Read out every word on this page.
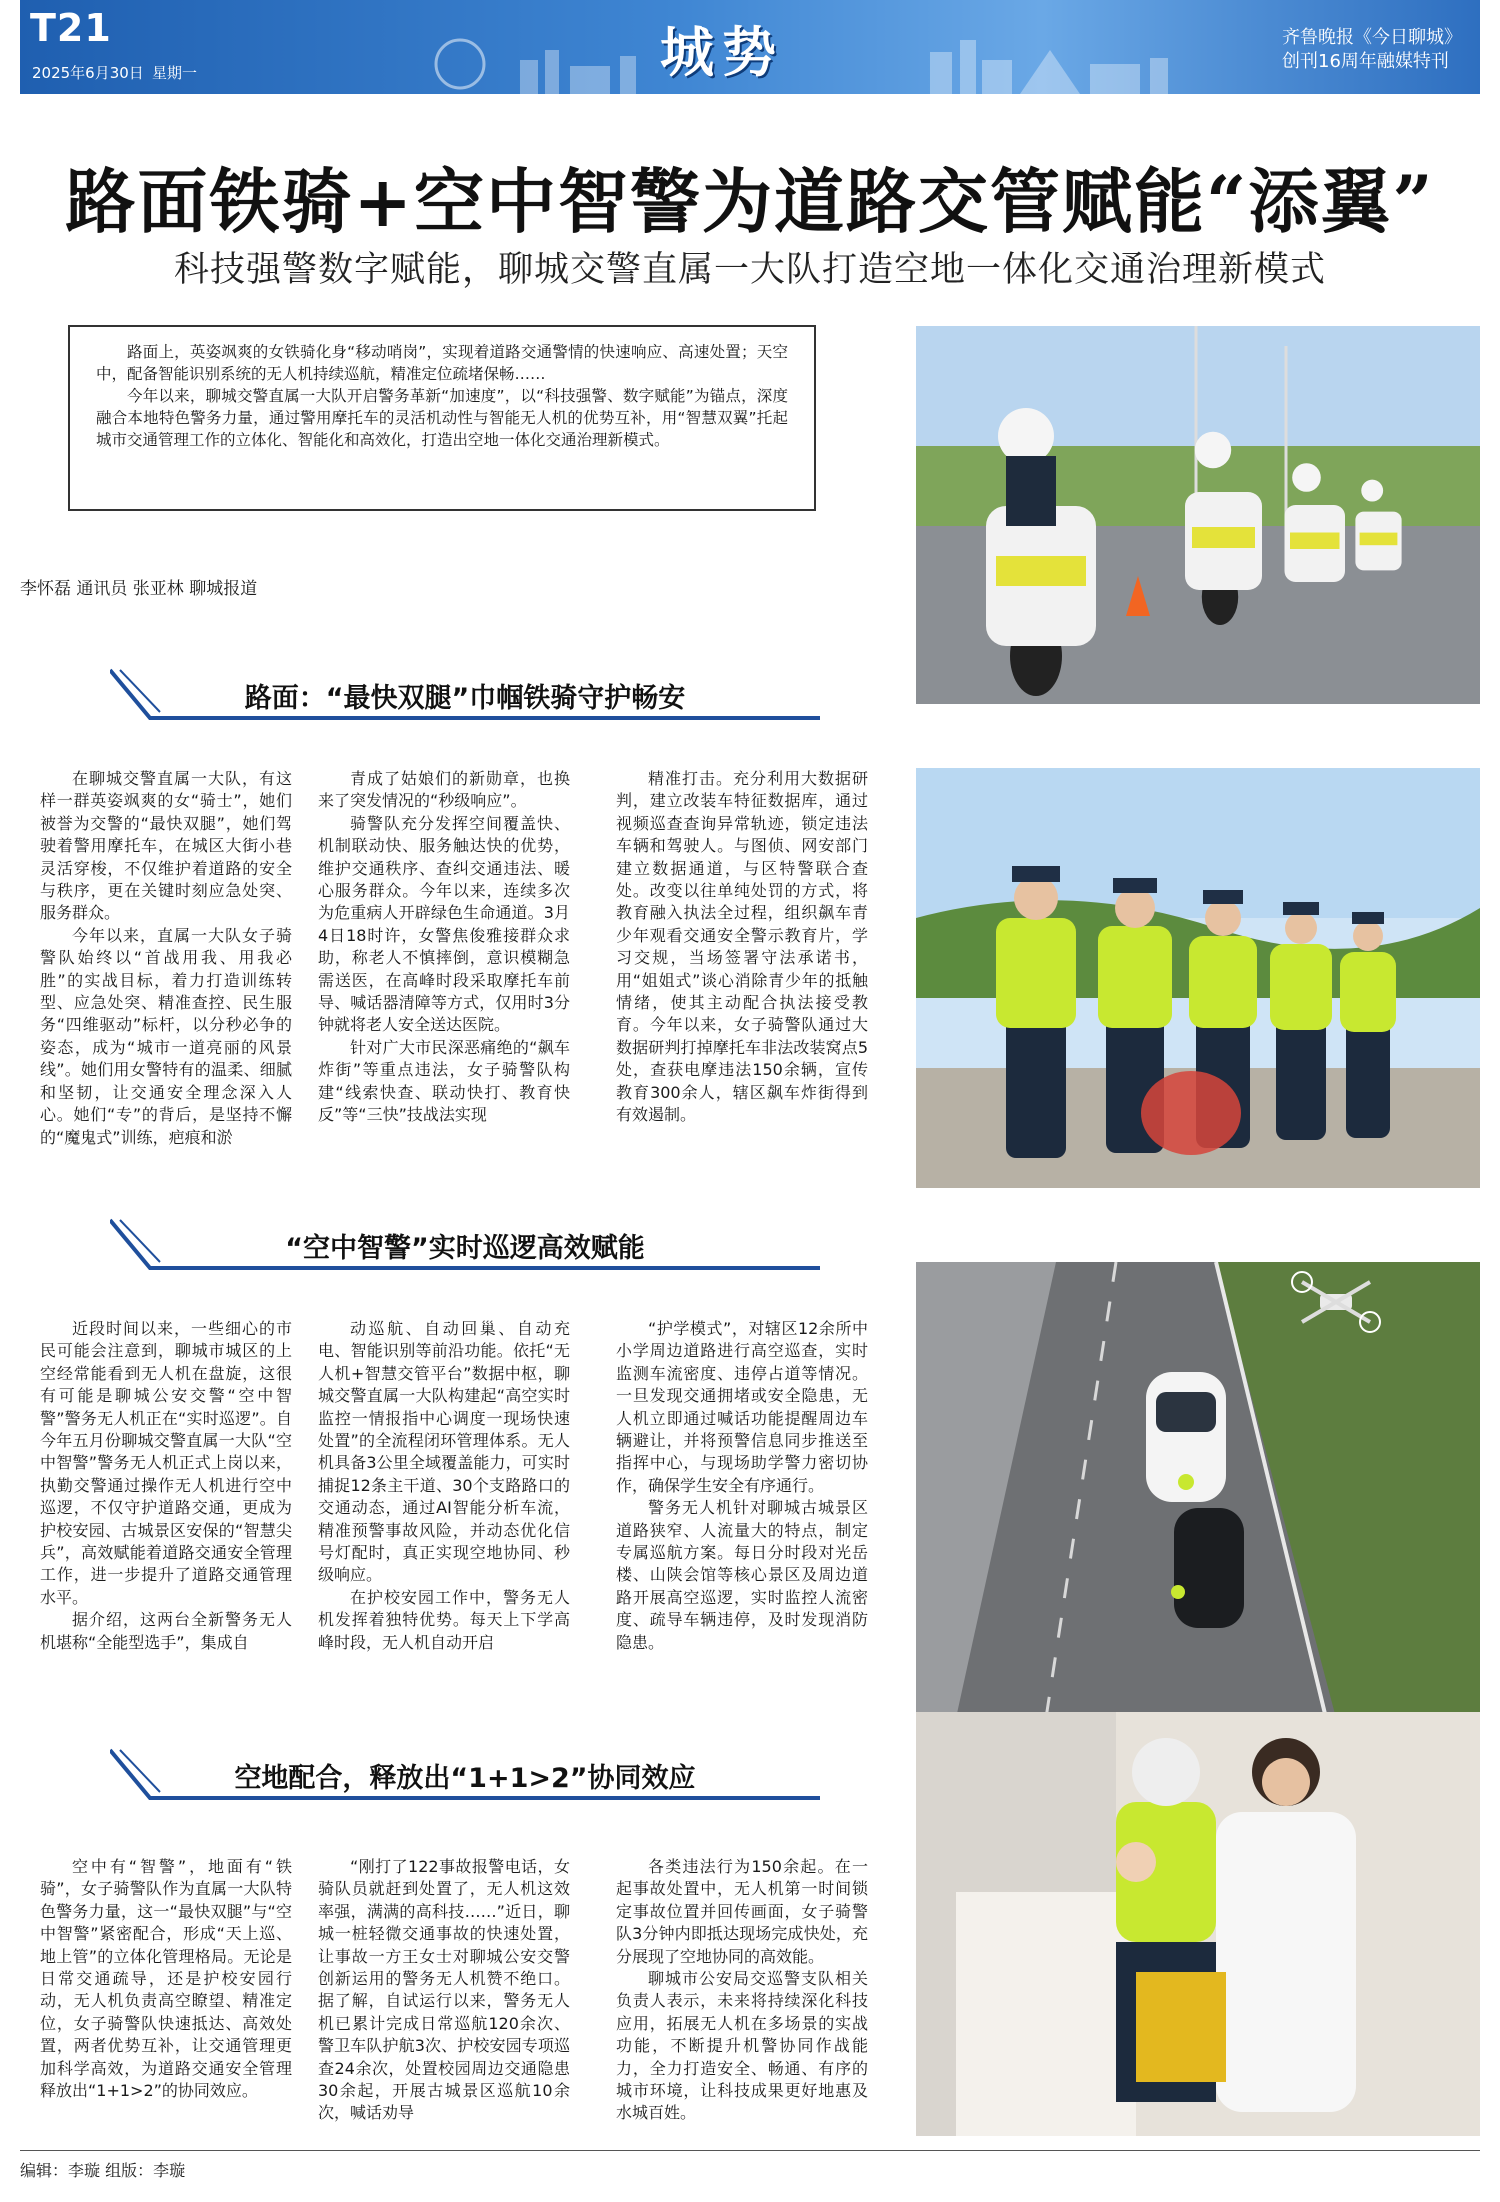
T21
2025年6月30日 星期一	城势	齐鲁晚报《今日聊城》
创刊16周年融媒特刊
路面铁骑+空中智警为道路交管赋能“添翼”
科技强警数字赋能，聊城交警直属一大队打造空地一体化交通治理新模式

路面上，英姿飒爽的女铁骑化身“移动哨岗”，实现着道路交通警情的快速响应、高速处置；天空中，配备智能识别系统的无人机持续巡航，精准定位疏堵保畅……

今年以来，聊城交警直属一大队开启警务革新“加速度”，以“科技强警、数字赋能”为锚点，深度融合本地特色警务力量，通过警用摩托车的灵活机动性与智能无人机的优势互补，用“智慧双翼”托起城市交通管理工作的立体化、智能化和高效化，打造出空地一体化交通治理新模式。

李怀磊 通讯员 张亚林 聊城报道
路面：“最快双腿”巾帼铁骑守护畅安

在聊城交警直属一大队，有这样一群英姿飒爽的女“骑士”，她们被誉为交警的“最快双腿”，她们驾驶着警用摩托车，在城区大街小巷灵活穿梭，不仅维护着道路的安全与秩序，更在关键时刻应急处突、服务群众。

今年以来，直属一大队女子骑警队始终以“首战用我、用我必胜”的实战目标，着力打造训练转型、应急处突、精准查控、民生服务“四维驱动”标杆，以分秒必争的姿态，成为“城市一道亮丽的风景线”。她们用女警特有的温柔、细腻和坚韧，让交通安全理念深入人心。她们“专”的背后，是坚持不懈的“魔鬼式”训练，疤痕和淤

青成了姑娘们的新勋章，也换来了突发情况的“秒级响应”。

骑警队充分发挥空间覆盖快、机制联动快、服务触达快的优势，维护交通秩序、查纠交通违法、暖心服务群众。今年以来，连续多次为危重病人开辟绿色生命通道。3月4日18时许，女警焦俊雅接群众求助，称老人不慎摔倒，意识模糊急需送医，在高峰时段采取摩托车前导、喊话器清障等方式，仅用时3分钟就将老人安全送达医院。

针对广大市民深恶痛绝的“飙车炸街”等重点违法，女子骑警队构建“线索快查、联动快打、教育快反”等“三快”技战法实现

精准打击。充分利用大数据研判，建立改装车特征数据库，通过视频巡查查询异常轨迹，锁定违法车辆和驾驶人。与图侦、网安部门建立数据通道，与区特警联合查处。改变以往单纯处罚的方式，将教育融入执法全过程，组织飙车青少年观看交通安全警示教育片，学习交规，当场签署守法承诺书，用“姐姐式”谈心消除青少年的抵触情绪，使其主动配合执法接受教育。今年以来，女子骑警队通过大数据研判打掉摩托车非法改装窝点5处，查获电摩违法150余辆，宣传教育300余人，辖区飙车炸街得到有效遏制。

“空中智警”实时巡逻高效赋能

近段时间以来，一些细心的市民可能会注意到，聊城市城区的上空经常能看到无人机在盘旋，这很有可能是聊城公安交警“空中智警”警务无人机正在“实时巡逻”。自今年五月份聊城交警直属一大队“空中智警”警务无人机正式上岗以来，执勤交警通过操作无人机进行空中巡逻，不仅守护道路交通，更成为护校安园、古城景区安保的“智慧尖兵”，高效赋能着道路交通安全管理工作，进一步提升了道路交通管理水平。

据介绍，这两台全新警务无人机堪称“全能型选手”，集成自

动巡航、自动回巢、自动充电、智能识别等前沿功能。依托“无人机+智慧交管平台”数据中枢，聊城交警直属一大队构建起“高空实时监控一情报指中心调度一现场快速处置”的全流程闭环管理体系。无人机具备3公里全域覆盖能力，可实时捕捉12条主干道、30个支路路口的交通动态，通过AI智能分析车流，精准预警事故风险，并动态优化信号灯配时，真正实现空地协同、秒级响应。

在护校安园工作中，警务无人机发挥着独特优势。每天上下学高峰时段，无人机自动开启

“护学模式”，对辖区12余所中小学周边道路进行高空巡查，实时监测车流密度、违停占道等情况。一旦发现交通拥堵或安全隐患，无人机立即通过喊话功能提醒周边车辆避让，并将预警信息同步推送至指挥中心，与现场助学警力密切协作，确保学生安全有序通行。

警务无人机针对聊城古城景区道路狭窄、人流量大的特点，制定专属巡航方案。每日分时段对光岳楼、山陕会馆等核心景区及周边道路开展高空巡逻，实时监控人流密度、疏导车辆违停，及时发现消防隐患。

空地配合，释放出“1+1>2”协同效应

空中有“智警”，地面有“铁骑”，女子骑警队作为直属一大队特色警务力量，这一“最快双腿”与“空中智警”紧密配合，形成“天上巡、地上管”的立体化管理格局。无论是日常交通疏导，还是护校安园行动，无人机负责高空瞭望、精准定位，女子骑警队快速抵达、高效处置，两者优势互补，让交通管理更加科学高效，为道路交通安全管理释放出“1+1>2”的协同效应。

“刚打了122事故报警电话，女骑队员就赶到处置了，无人机这效率强，满满的高科技……”近日，聊城一桩轻微交通事故的快速处置，让事故一方王女士对聊城公安交警创新运用的警务无人机赞不绝口。据了解，自试运行以来，警务无人机已累计完成日常巡航120余次、警卫车队护航3次、护校安园专项巡查24余次，处置校园周边交通隐患30余起，开展古城景区巡航10余次，喊话劝导

各类违法行为150余起。在一起事故处置中，无人机第一时间锁定事故位置并回传画面，女子骑警队3分钟内即抵达现场完成快处，充分展现了空地协同的高效能。

聊城市公安局交巡警支队相关负责人表示，未来将持续深化科技应用，拓展无人机在多场景的实战功能，不断提升机警协同作战能力，全力打造安全、畅通、有序的城市环境，让科技成果更好地惠及水城百姓。

编辑：李璇 组版：李璇
